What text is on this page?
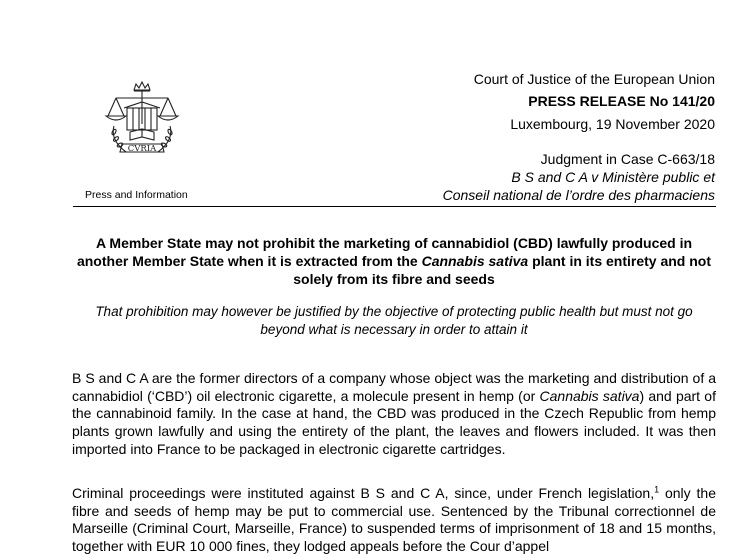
CVRIA
Press and Information
Court of Justice of the European Union
PRESS RELEASE No 141/20
Luxembourg, 19 November 2020
Judgment in Case C-663/18
B S and C A v Ministère public et
Conseil national de l’ordre des pharmaciens
A Member State may not prohibit the marketing of cannabidiol (CBD) lawfully produced in another Member State when it is extracted from the Cannabis sativa plant in its entirety and not solely from its fibre and seeds
That prohibition may however be justified by the objective of protecting public health but must not go beyond what is necessary in order to attain it

B S and C A are the former directors of a company whose object was the marketing and distribution of a cannabidiol (‘CBD’) oil electronic cigarette, a molecule present in hemp (or Cannabis sativa) and part of the cannabinoid family. In the case at hand, the CBD was produced in the Czech Republic from hemp plants grown lawfully and using the entirety of the plant, the leaves and flowers included. It was then imported into France to be packaged in electronic cigarette cartridges.

Criminal proceedings were instituted against B S and C A, since, under French legislation,$^1$ only the fibre and seeds of hemp may be put to commercial use. Sentenced by the Tribunal correctionnel de Marseille (Criminal Court, Marseille, France) to suspended terms of imprisonment of 18 and 15 months, together with EUR 10 000 fines, they lodged appeals before the Cour d’appel
